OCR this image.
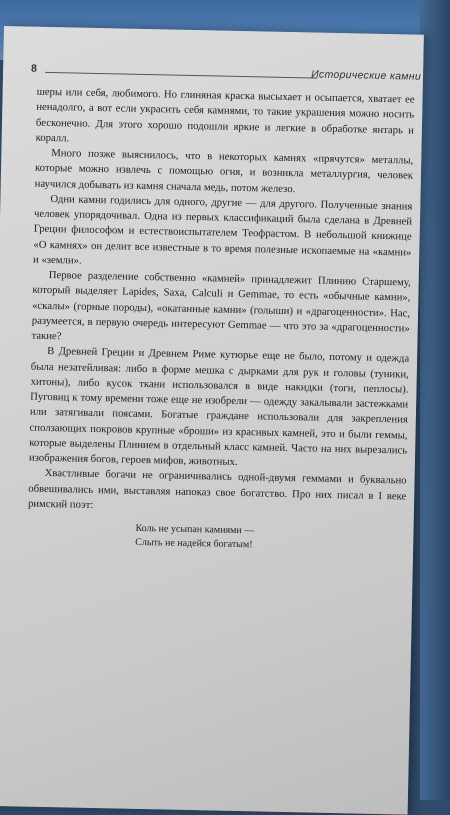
8	Исторические камни

шеры или себя, любимого. Но глиняная краска высыхает и осыпается, хватает ее ненадолго, а вот если украсить себя камнями, то такие украшения можно носить бесконечно. Для этого хорошо подошли яркие и легкие в обработке янтарь и коралл.

Много позже выяснилось, что в некоторых камнях «прячутся» металлы, которые можно извлечь с помощью огня, и возникла металлургия, человек научился добывать из камня сначала медь, потом железо.

Одни камни годились для одного, другие — для другого. Полученные знания человек упорядочивал. Одна из первых классификаций была сделана в Древней Греции философом и естествоиспытателем Теофрастом. В небольшой книжице «О камнях» он делит все известные в то время полезные ископаемые на «камни» и «земли».

Первое разделение собственно «камней» принадлежит Плинию Старшему, который выделяет Lapides, Saxa, Calculi и Gemmae, то есть «обычные камни», «скалы» (горные породы), «окатанные камни» (голыши) и «драгоценности». Нас, разумеется, в первую очередь интересуют Gemmae — что это за «драгоценности» такие?

В Древней Греции и Древнем Риме кутюрье еще не было, потому и одежда была незатейливая: либо в форме мешка с дырками для рук и головы (туники, хитоны), либо кусок ткани использовался в виде накидки (тоги, пеплосы). Пуговиц к тому времени тоже еще не изобрели — одежду закалывали застежками или затягивали поясами. Богатые граждане использовали для закрепления сползающих покровов крупные «броши» из красивых камней, это и были геммы, которые выделены Плинием в отдельный класс камней. Часто на них вырезались изображения богов, героев мифов, животных.

Хвастливые богачи не ограничивались одной-двумя геммами и буквально обвешивались ими, выставляя напоказ свое богатство. Про них писал в I веке римский поэт:

Коль не усыпан камнями —
Слыть не надейся богатым!
